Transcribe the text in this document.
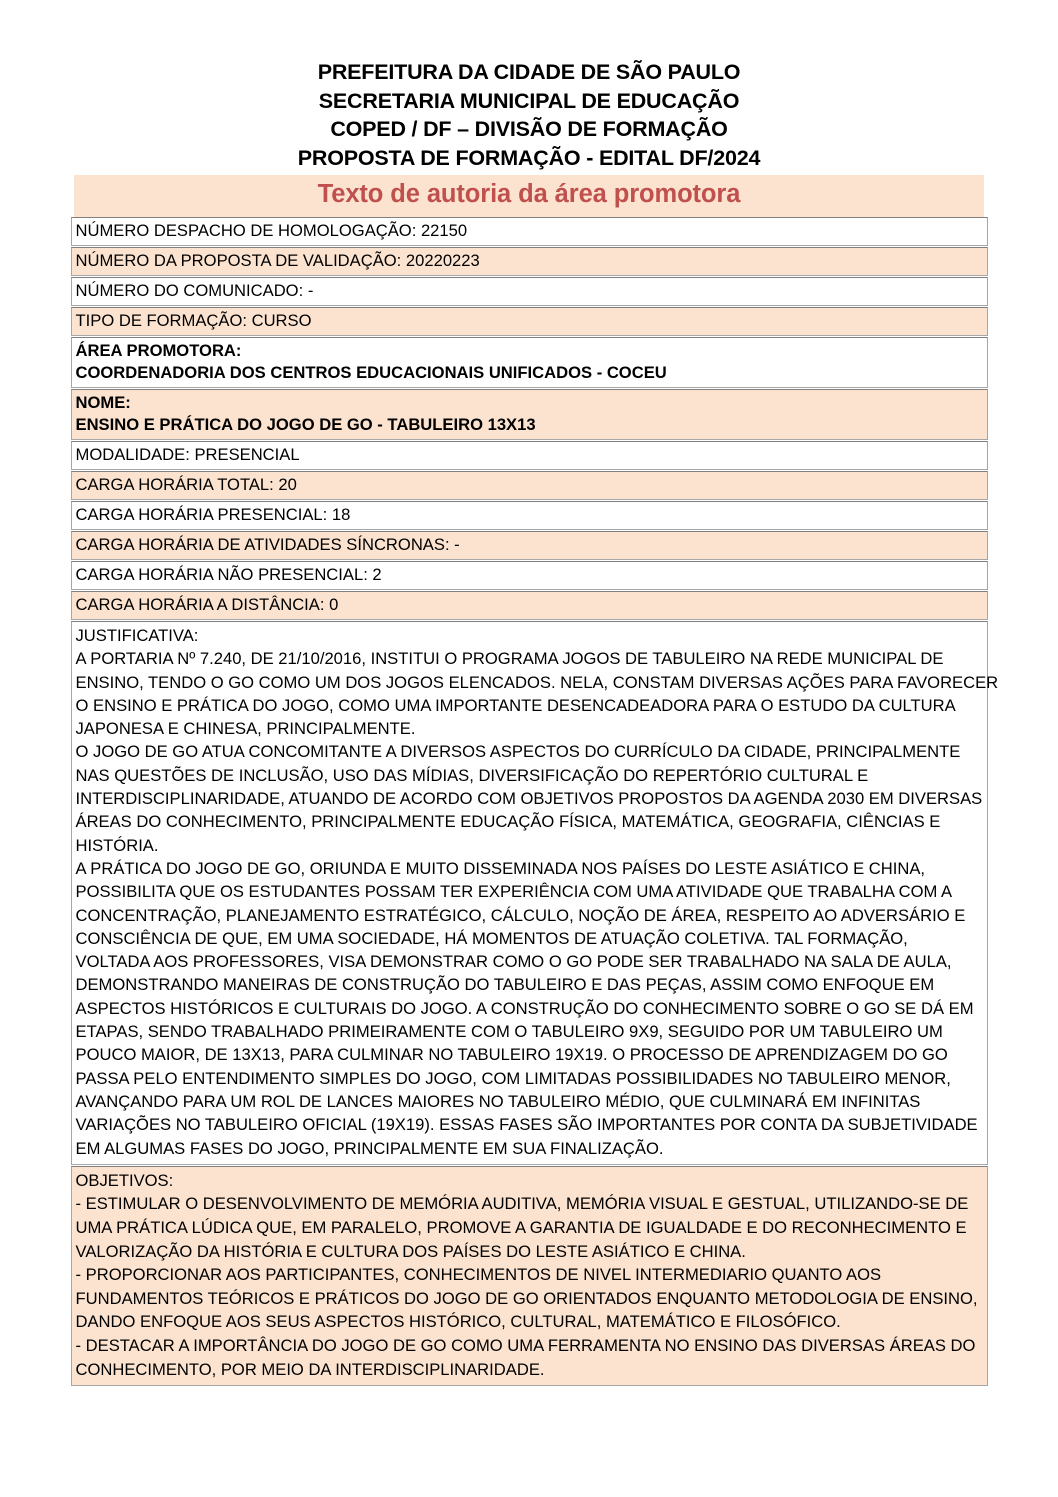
PREFEITURA DA CIDADE DE SÃO PAULO
SECRETARIA MUNICIPAL DE EDUCAÇÃO
COPED / DF – DIVISÃO DE FORMAÇÃO
PROPOSTA DE FORMAÇÃO - EDITAL DF/2024
Texto de autoria da área promotora
NÚMERO DESPACHO DE HOMOLOGAÇÃO: 22150
NÚMERO DA PROPOSTA DE VALIDAÇÃO: 20220223
NÚMERO DO COMUNICADO: -
TIPO DE FORMAÇÃO: CURSO
ÁREA PROMOTORA:
COORDENADORIA DOS CENTROS EDUCACIONAIS UNIFICADOS - COCEU
NOME:
ENSINO E PRÁTICA DO JOGO DE GO - TABULEIRO 13X13
MODALIDADE: PRESENCIAL
CARGA HORÁRIA TOTAL: 20
CARGA HORÁRIA PRESENCIAL: 18
CARGA HORÁRIA DE ATIVIDADES SÍNCRONAS: -
CARGA HORÁRIA NÃO PRESENCIAL: 2
CARGA HORÁRIA A DISTÂNCIA: 0
JUSTIFICATIVA:
A PORTARIA Nº 7.240, DE 21/10/2016, INSTITUI O PROGRAMA JOGOS DE TABULEIRO NA REDE MUNICIPAL DE
ENSINO, TENDO O GO COMO UM DOS JOGOS ELENCADOS. NELA, CONSTAM DIVERSAS AÇÕES PARA FAVORECER
O ENSINO E PRÁTICA DO JOGO, COMO UMA IMPORTANTE DESENCADEADORA PARA O ESTUDO DA CULTURA
JAPONESA E CHINESA, PRINCIPALMENTE.
O JOGO DE GO ATUA CONCOMITANTE A DIVERSOS ASPECTOS DO CURRÍCULO DA CIDADE, PRINCIPALMENTE
NAS QUESTÕES DE INCLUSÃO, USO DAS MÍDIAS, DIVERSIFICAÇÃO DO REPERTÓRIO CULTURAL E
INTERDISCIPLINARIDADE, ATUANDO DE ACORDO COM OBJETIVOS PROPOSTOS DA AGENDA 2030 EM DIVERSAS
ÁREAS DO CONHECIMENTO, PRINCIPALMENTE EDUCAÇÃO FÍSICA, MATEMÁTICA, GEOGRAFIA, CIÊNCIAS E
HISTÓRIA.
A PRÁTICA DO JOGO DE GO, ORIUNDA E MUITO DISSEMINADA NOS PAÍSES DO LESTE ASIÁTICO E CHINA,
POSSIBILITA QUE OS ESTUDANTES POSSAM TER EXPERIÊNCIA COM UMA ATIVIDADE QUE TRABALHA COM A
CONCENTRAÇÃO, PLANEJAMENTO ESTRATÉGICO, CÁLCULO, NOÇÃO DE ÁREA, RESPEITO AO ADVERSÁRIO E
CONSCIÊNCIA DE QUE, EM UMA SOCIEDADE, HÁ MOMENTOS DE ATUAÇÃO COLETIVA. TAL FORMAÇÃO,
VOLTADA AOS PROFESSORES, VISA DEMONSTRAR COMO O GO PODE SER TRABALHADO NA SALA DE AULA,
DEMONSTRANDO MANEIRAS DE CONSTRUÇÃO DO TABULEIRO E DAS PEÇAS, ASSIM COMO ENFOQUE EM
ASPECTOS HISTÓRICOS E CULTURAIS DO JOGO. A CONSTRUÇÃO DO CONHECIMENTO SOBRE O GO SE DÁ EM
ETAPAS, SENDO TRABALHADO PRIMEIRAMENTE COM O TABULEIRO 9X9, SEGUIDO POR UM TABULEIRO UM
POUCO MAIOR, DE 13X13, PARA CULMINAR NO TABULEIRO 19X19. O PROCESSO DE APRENDIZAGEM DO GO
PASSA PELO ENTENDIMENTO SIMPLES DO JOGO, COM LIMITADAS POSSIBILIDADES NO TABULEIRO MENOR,
AVANÇANDO PARA UM ROL DE LANCES MAIORES NO TABULEIRO MÉDIO, QUE CULMINARÁ EM INFINITAS
VARIAÇÕES NO TABULEIRO OFICIAL (19X19). ESSAS FASES SÃO IMPORTANTES POR CONTA DA SUBJETIVIDADE
EM ALGUMAS FASES DO JOGO, PRINCIPALMENTE EM SUA FINALIZAÇÃO.
OBJETIVOS:
- ESTIMULAR O DESENVOLVIMENTO DE MEMÓRIA AUDITIVA, MEMÓRIA VISUAL E GESTUAL, UTILIZANDO-SE DE
UMA PRÁTICA LÚDICA QUE, EM PARALELO, PROMOVE A GARANTIA DE IGUALDADE E DO RECONHECIMENTO E
VALORIZAÇÃO DA HISTÓRIA E CULTURA DOS PAÍSES DO LESTE ASIÁTICO E CHINA.
- PROPORCIONAR AOS PARTICIPANTES, CONHECIMENTOS DE NIVEL INTERMEDIARIO QUANTO AOS
FUNDAMENTOS TEÓRICOS E PRÁTICOS DO JOGO DE GO ORIENTADOS ENQUANTO METODOLOGIA DE ENSINO,
DANDO ENFOQUE AOS SEUS ASPECTOS HISTÓRICO, CULTURAL, MATEMÁTICO E FILOSÓFICO.
- DESTACAR A IMPORTÂNCIA DO JOGO DE GO COMO UMA FERRAMENTA NO ENSINO DAS DIVERSAS ÁREAS DO
CONHECIMENTO, POR MEIO DA INTERDISCIPLINARIDADE.
